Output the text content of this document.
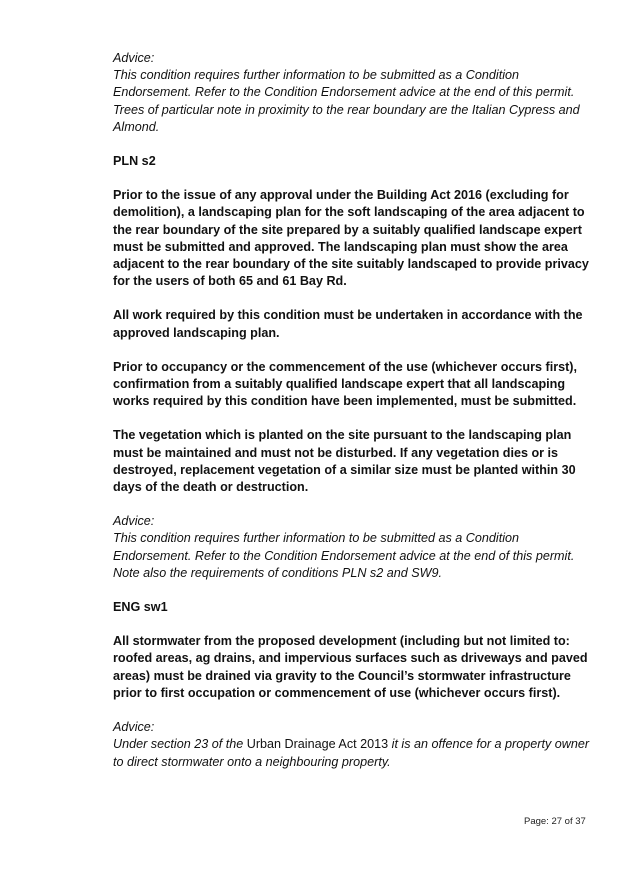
Advice:

This condition requires further information to be submitted as a Condition Endorsement. Refer to the Condition Endorsement advice at the end of this permit. Trees of particular note in proximity to the rear boundary are the Italian Cypress and Almond.

PLN s2

Prior to the issue of any approval under the Building Act 2016 (excluding for demolition), a landscaping plan for the soft landscaping of the area adjacent to the rear boundary of the site prepared by a suitably qualified landscape expert must be submitted and approved. The landscaping plan must show the area adjacent to the rear boundary of the site suitably landscaped to provide privacy for the users of both 65 and 61 Bay Rd.

All work required by this condition must be undertaken in accordance with the approved landscaping plan.

Prior to occupancy or the commencement of the use (whichever occurs first), confirmation from a suitably qualified landscape expert that all landscaping works required by this condition have been implemented, must be submitted.

The vegetation which is planted on the site pursuant to the landscaping plan must be maintained and must not be disturbed. If any vegetation dies or is destroyed, replacement vegetation of a similar size must be planted within 30 days of the death or destruction.

Advice:

This condition requires further information to be submitted as a Condition Endorsement. Refer to the Condition Endorsement advice at the end of this permit. Note also the requirements of conditions PLN s2 and SW9.

ENG sw1

All stormwater from the proposed development (including but not limited to: roofed areas, ag drains, and impervious surfaces such as driveways and paved areas) must be drained via gravity to the Council’s stormwater infrastructure prior to first occupation or commencement of use (whichever occurs first).

Advice:

Under section 23 of the Urban Drainage Act 2013 it is an offence for a property owner to direct stormwater onto a neighbouring property.

Page: 27 of 37
